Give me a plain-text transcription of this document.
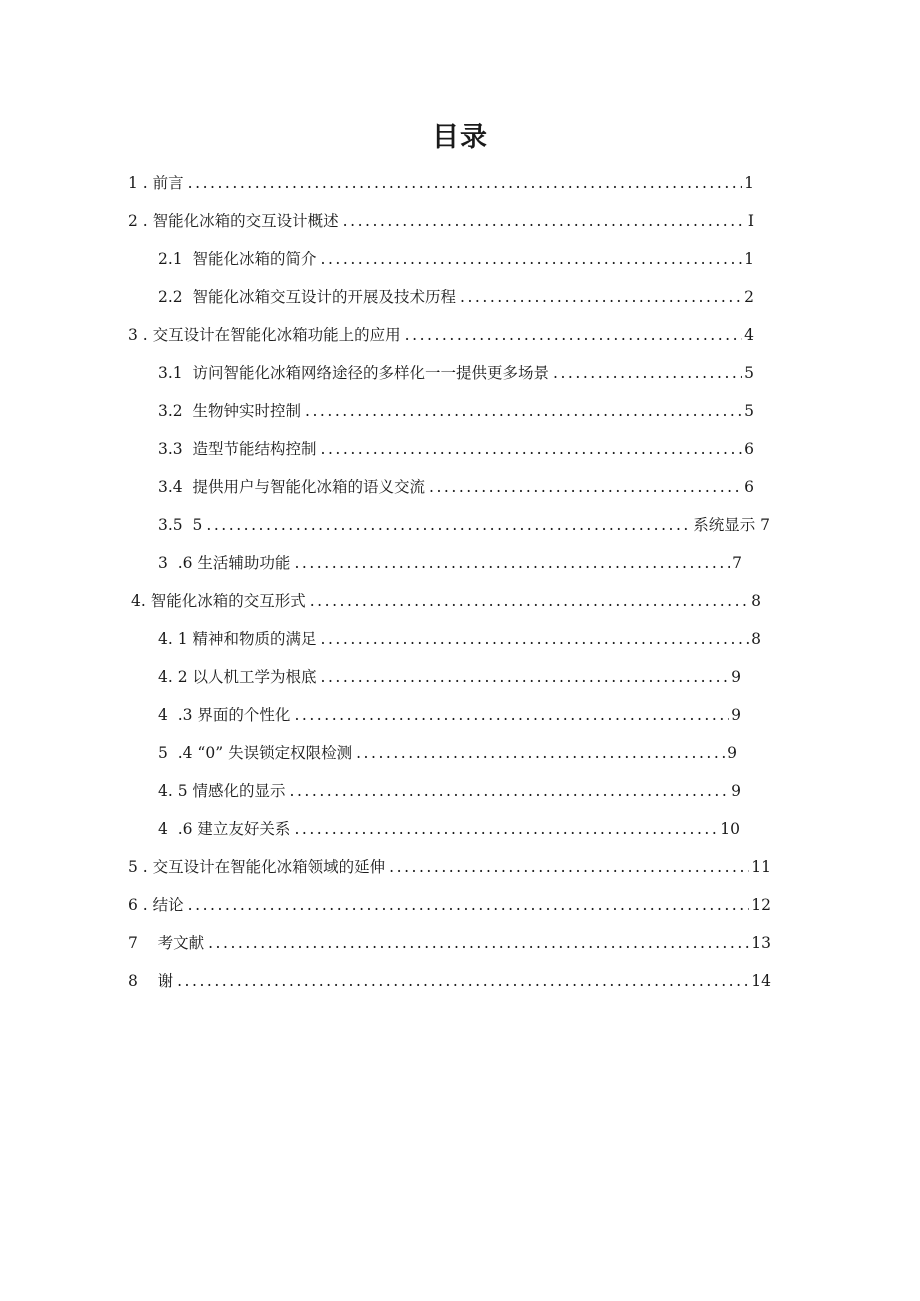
目录
1 . 前言 . . .	1
2 . 智能化冰箱的交互设计概述 . . .	I
2.1  智能化冰箱的简介 . . .	1
2.2  智能化冰箱交互设计的开展及技术历程 . . .	2
3 . 交互设计在智能化冰箱功能上的应用 . . .	4
3.1  访问智能化冰箱网络途径的多样化一一提供更多场景 . . .	5
3.2  生物钟实时控制 . . .	5
3.3  造型节能结构控制 . . .	6
3.4  提供用户与智能化冰箱的语义交流 . . .	6
3.5  5 . . .	系统显示 7
3  .6 生活辅助功能 . . .	7
4. 智能化冰箱的交互形式 . . .	8
4. 1 精神和物质的满足 . . .	8
4. 2 以人机工学为根底 . . .	9
4  .3 界面的个性化 . . .	9
5  .4 “0” 失误锁定权限检测 . . .	9
4. 5 情感化的显示 . . .	9
4  .6 建立友好关系 . . .	10
5 . 交互设计在智能化冰箱领域的延伸 . . .	11
6 . 结论 . . .	12
7    考文献 . . .	13
8    谢 . . .	14
